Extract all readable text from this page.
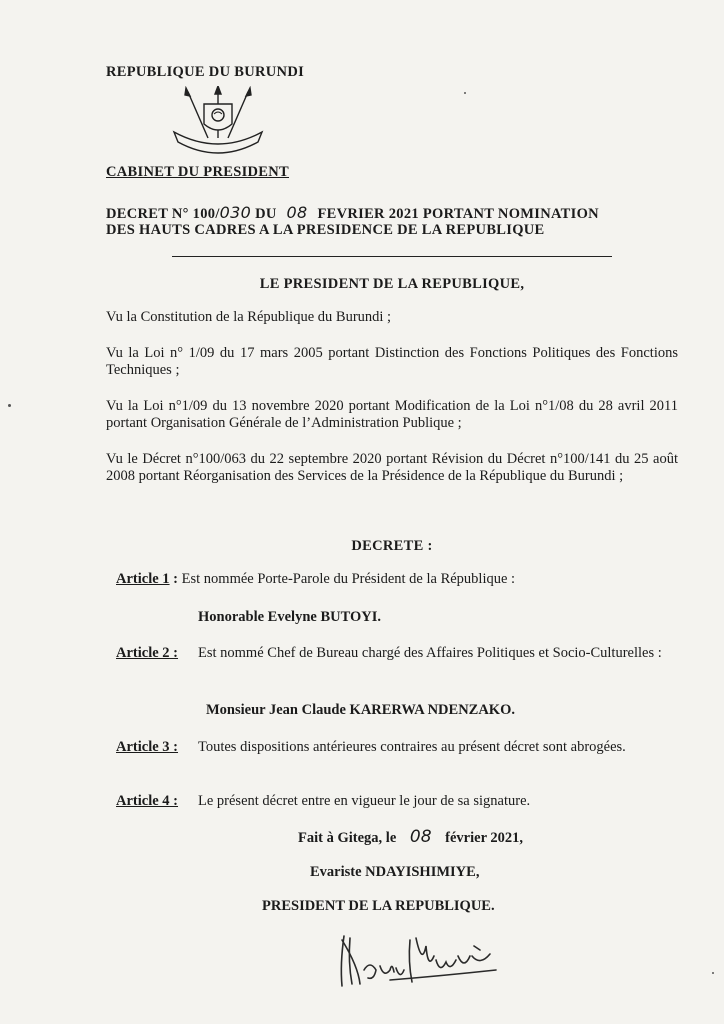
REPUBLIQUE DU BURUNDI
CABINET DU PRESIDENT
DECRET N° 100/030 DU 08 FEVRIER 2021 PORTANT NOMINATION
DES HAUTS CADRES A LA PRESIDENCE DE LA REPUBLIQUE
LE PRESIDENT DE LA REPUBLIQUE,
Vu la Constitution de la République du Burundi ;
Vu la Loi n° 1/09 du 17 mars 2005 portant Distinction des Fonctions Politiques des Fonctions Techniques ;
Vu la Loi n°1/09 du 13 novembre 2020 portant Modification de la Loi n°1/08 du 28 avril 2011 portant Organisation Générale de l’Administration Publique ;
Vu le Décret n°100/063 du 22 septembre 2020 portant Révision du Décret n°100/141 du 25 août 2008 portant Réorganisation des Services de la Présidence de la République du Burundi ;
DECRETE :
Article 1 : Est nommée Porte-Parole du Président de la République :
Honorable Evelyne BUTOYI.
Article 2 : Est nommé Chef de Bureau chargé des Affaires Politiques et Socio-Culturelles :
Monsieur Jean Claude KARERWA NDENZAKO.
Article 3 : Toutes dispositions antérieures contraires au présent décret sont abrogées.
Article 4 : Le présent décret entre en vigueur le jour de sa signature.
Fait à Gitega, le 08 février 2021,
Evariste NDAYISHIMIYE,
PRESIDENT DE LA REPUBLIQUE.
